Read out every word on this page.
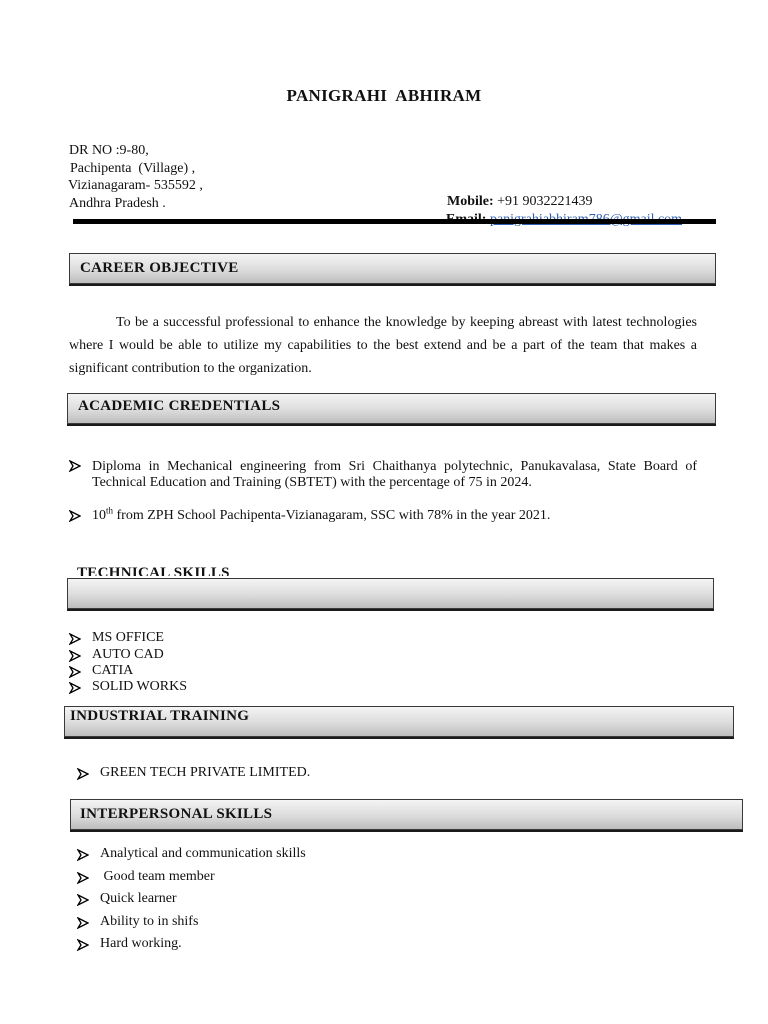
PANIGRAHI  ABHIRAM
DR NO :9-80,
Pachipenta  (Village) ,
Vizianagaram- 535592 ,
Andhra Pradesh .	Mobile: +91 9032221439

CAREER OBJECTIVE
To be a successful professional to enhance the knowledge by keeping abreast with latest technologies where I would be able to utilize my capabilities to the best extend and be a part of the team that makes a significant contribution to the organization.
ACADEMIC CREDENTIALS
Diploma in Mechanical engineering from Sri Chaithanya polytechnic, Panukavalasa, State Board of Technical Education and Training (SBTET) with the percentage of 75 in 2024.
10th from ZPH School Pachipenta-Vizianagaram, SSC with 78% in the year 2021.
TECHNICAL SKILLS
MS OFFICE
AUTO CAD
CATIA
SOLID WORKS
INDUSTRIAL TRAINING
GREEN TECH PRIVATE LIMITED.
INTERPERSONAL SKILLS
Analytical and communication skills
Good team member
Quick learner
Ability to in shifs
Hard working.
